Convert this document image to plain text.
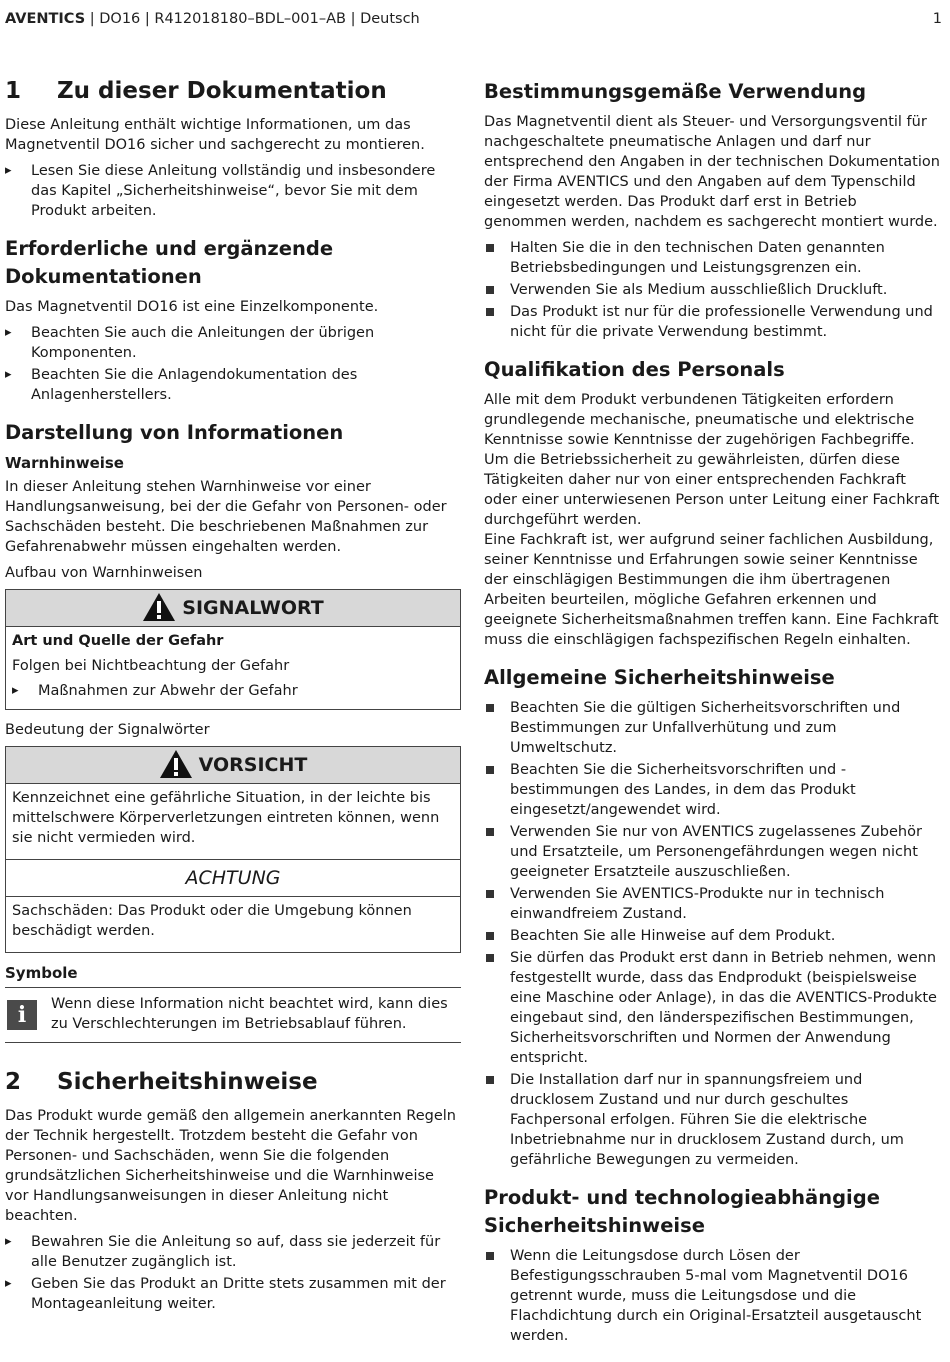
AVENTICS | DO16 | R412018180–BDL–001–AB | Deutsch	1
1 Zu dieser Dokumentation

Diese Anleitung enthält wichtige Informationen, um das Magnetventil DO16 sicher und sachgerecht zu montieren.

▸ Lesen Sie diese Anleitung vollständig und insbesondere das Kapitel „Sicherheitshinweise“, bevor Sie mit dem Produkt arbeiten.
Erforderliche und ergänzende Dokumentationen

Das Magnetventil DO16 ist eine Einzelkomponente.

▸ Beachten Sie auch die Anleitungen der übrigen Komponenten.
▸ Beachten Sie die Anlagendokumentation des Anlagenherstellers.
Darstellung von Informationen
Warnhinweise

In dieser Anleitung stehen Warnhinweise vor einer Handlungsanweisung, bei der die Gefahr von Personen- oder Sachschäden besteht. Die beschriebenen Maßnahmen zur Gefahrenabwehr müssen eingehalten werden.

Aufbau von Warnhinweisen

SIGNALWORT

Art und Quelle der Gefahr

Folgen bei Nichtbeachtung der Gefahr

▸ Maßnahmen zur Abwehr der Gefahr

Bedeutung der Signalwörter

VORSICHT

Kennzeichnet eine gefährliche Situation, in der leichte bis mittelschwere Körperverletzungen eintreten können, wenn sie nicht vermieden wird.

ACHTUNG

Sachschäden: Das Produkt oder die Umgebung können beschädigt werden.

Symbole
i	Wenn diese Information nicht beachtet wird, kann dies zu Verschlechterungen im Betriebsablauf führen.
2 Sicherheitshinweise

Das Produkt wurde gemäß den allgemein anerkannten Regeln der Technik hergestellt. Trotzdem besteht die Gefahr von Personen- und Sachschäden, wenn Sie die folgenden grundsätzlichen Sicherheitshinweise und die Warnhinweise vor Handlungsanweisungen in dieser Anleitung nicht beachten.

▸ Bewahren Sie die Anleitung so auf, dass sie jederzeit für alle Benutzer zugänglich ist.
▸ Geben Sie das Produkt an Dritte stets zusammen mit der Montageanleitung weiter.
Bestimmungsgemäße Verwendung

Das Magnetventil dient als Steuer- und Versorgungsventil für nachgeschaltete pneumatische Anlagen und darf nur entsprechend den Angaben in der technischen Dokumentation der Firma AVENTICS und den Angaben auf dem Typenschild eingesetzt werden. Das Produkt darf erst in Betrieb genommen werden, nachdem es sachgerecht montiert wurde.

Halten Sie die in den technischen Daten genannten Betriebsbedingungen und Leistungsgrenzen ein.
Verwenden Sie als Medium ausschließlich Druckluft.
Das Produkt ist nur für die professionelle Verwendung und nicht für die private Verwendung bestimmt.
Qualifikation des Personals

Alle mit dem Produkt verbundenen Tätigkeiten erfordern grundlegende mechanische, pneumatische und elektrische Kenntnisse sowie Kenntnisse der zugehörigen Fachbegriffe. Um die Betriebssicherheit zu gewährleisten, dürfen diese Tätigkeiten daher nur von einer entsprechenden Fachkraft oder einer unterwiesenen Person unter Leitung einer Fachkraft durchgeführt werden.

Eine Fachkraft ist, wer aufgrund seiner fachlichen Ausbildung, seiner Kenntnisse und Erfahrungen sowie seiner Kenntnisse der einschlägigen Bestimmungen die ihm übertragenen Arbeiten beurteilen, mögliche Gefahren erkennen und geeignete Sicherheitsmaßnahmen treffen kann. Eine Fachkraft muss die einschlägigen fachspezifischen Regeln einhalten.

Allgemeine Sicherheitshinweise
Beachten Sie die gültigen Sicherheitsvorschriften und Bestimmungen zur Unfallverhütung und zum Umweltschutz.
Beachten Sie die Sicherheitsvorschriften und -bestimmungen des Landes, in dem das Produkt eingesetzt/angewendet wird.
Verwenden Sie nur von AVENTICS zugelassenes Zubehör und Ersatzteile, um Personengefährdungen wegen nicht geeigneter Ersatzteile auszuschließen.
Verwenden Sie AVENTICS-Produkte nur in technisch einwandfreiem Zustand.
Beachten Sie alle Hinweise auf dem Produkt.
Sie dürfen das Produkt erst dann in Betrieb nehmen, wenn festgestellt wurde, dass das Endprodukt (beispielsweise eine Maschine oder Anlage), in das die AVENTICS-Produkte eingebaut sind, den länderspezifischen Bestimmungen, Sicherheitsvorschriften und Normen der Anwendung entspricht.
Die Installation darf nur in spannungsfreiem und drucklosem Zustand und nur durch geschultes Fachpersonal erfolgen. Führen Sie die elektrische Inbetriebnahme nur in drucklosem Zustand durch, um gefährliche Bewegungen zu vermeiden.
Produkt- und technologieabhängige Sicherheitshinweise
Wenn die Leitungsdose durch Lösen der Befestigungsschrauben 5-mal vom Magnetventil DO16 getrennt wurde, muss die Leitungsdose und die Flachdichtung durch ein Original-Ersatzteil ausgetauscht werden.
